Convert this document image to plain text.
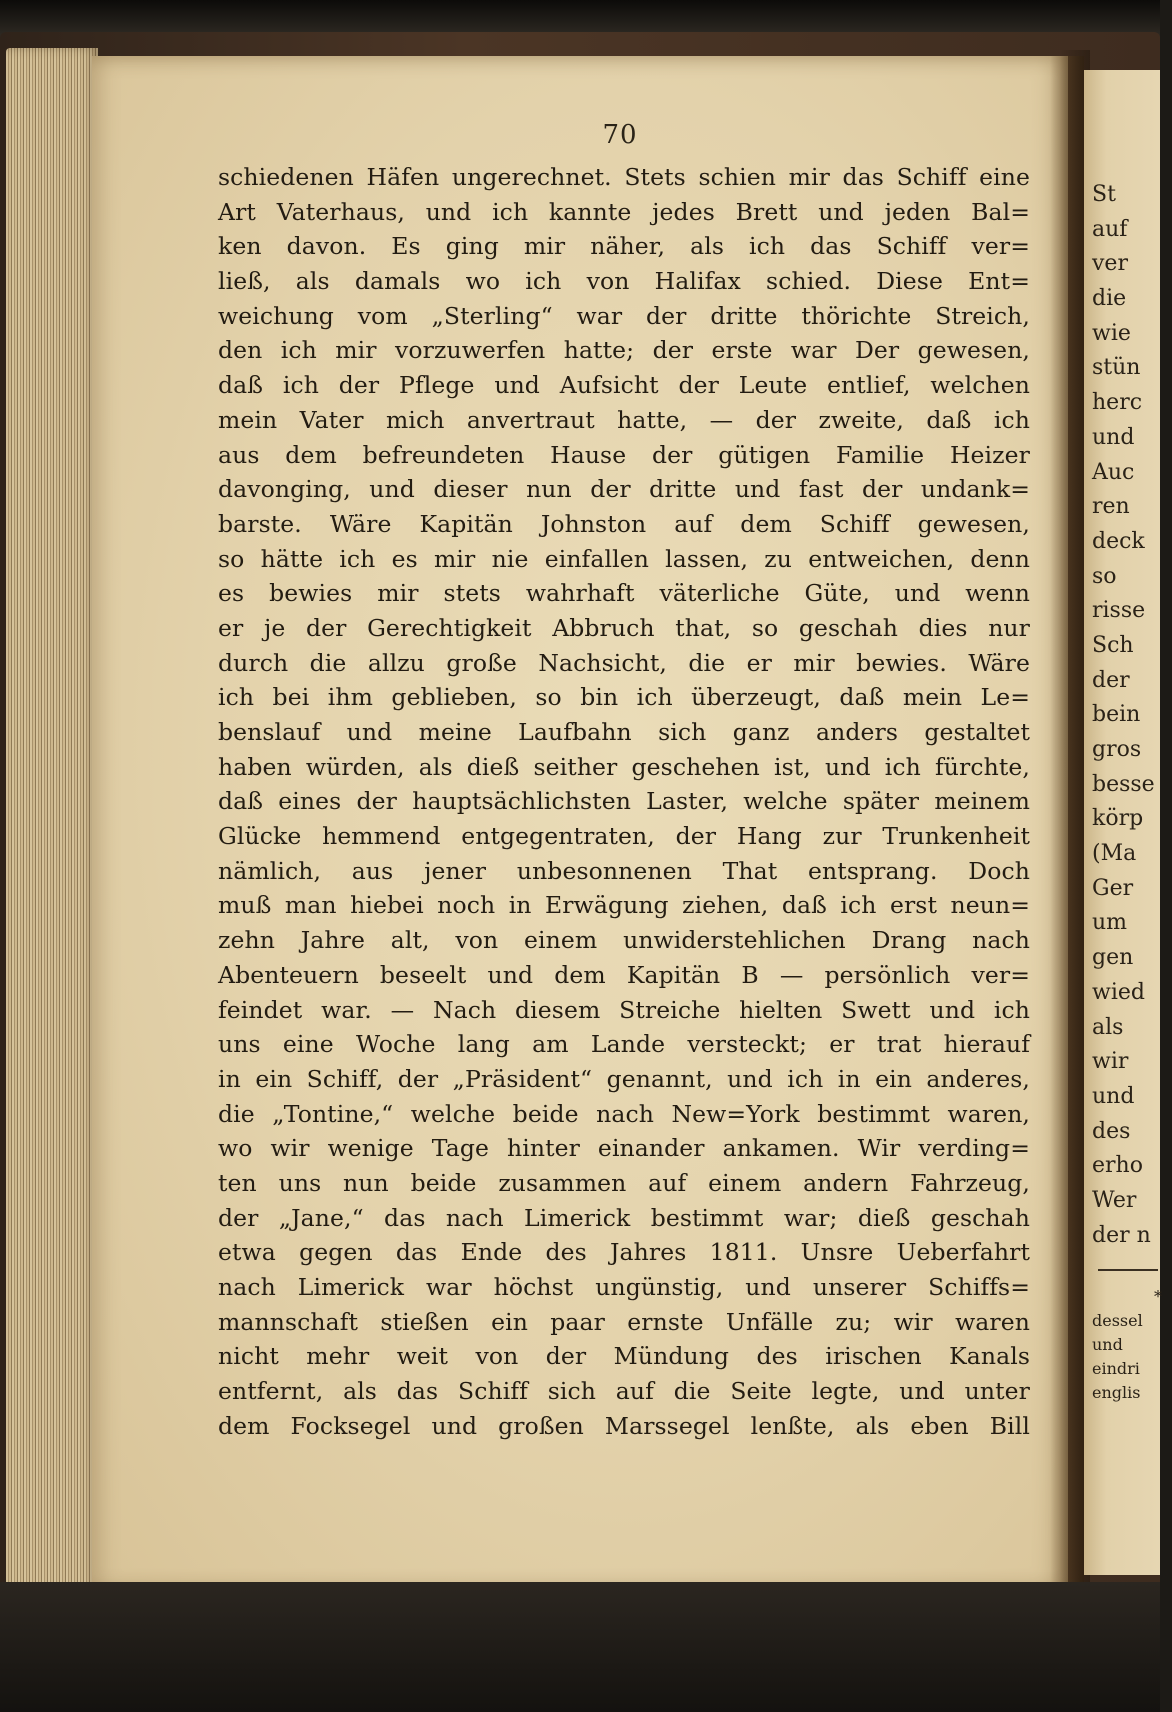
70
schiedenen Häfen ungerechnet. Stets schien mir das Schiff eine
Art Vaterhaus, und ich kannte jedes Brett und jeden Bal=
ken davon. Es ging mir näher, als ich das Schiff ver=
ließ, als damals wo ich von Halifax schied. Diese Ent=
weichung vom „Sterling“ war der dritte thörichte Streich,
den ich mir vorzuwerfen hatte; der erste war Der gewesen,
daß ich der Pflege und Aufsicht der Leute entlief, welchen
mein Vater mich anvertraut hatte, — der zweite, daß ich
aus dem befreundeten Hause der gütigen Familie Heizer
davonging, und dieser nun der dritte und fast der undank=
barste. Wäre Kapitän Johnston auf dem Schiff gewesen,
so hätte ich es mir nie einfallen lassen, zu entweichen, denn
es bewies mir stets wahrhaft väterliche Güte, und wenn
er je der Gerechtigkeit Abbruch that, so geschah dies nur
durch die allzu große Nachsicht, die er mir bewies. Wäre
ich bei ihm geblieben, so bin ich überzeugt, daß mein Le=
benslauf und meine Laufbahn sich ganz anders gestaltet
haben würden, als dieß seither geschehen ist, und ich fürchte,
daß eines der hauptsächlichsten Laster, welche später meinem
Glücke hemmend entgegentraten, der Hang zur Trunkenheit
nämlich, aus jener unbesonnenen That entsprang. Doch
muß man hiebei noch in Erwägung ziehen, daß ich erst neun=
zehn Jahre alt, von einem unwiderstehlichen Drang nach
Abenteuern beseelt und dem Kapitän B — persönlich ver=
feindet war. — Nach diesem Streiche hielten Swett und ich
uns eine Woche lang am Lande versteckt; er trat hierauf
in ein Schiff, der „Präsident“ genannt, und ich in ein anderes,
die „Tontine,“ welche beide nach New=York bestimmt waren,
wo wir wenige Tage hinter einander ankamen. Wir verding=
ten uns nun beide zusammen auf einem andern Fahrzeug,
der „Jane,“ das nach Limerick bestimmt war; dieß geschah
etwa gegen das Ende des Jahres 1811. Unsre Ueberfahrt
nach Limerick war höchst ungünstig, und unserer Schiffs=
mannschaft stießen ein paar ernste Unfälle zu; wir waren
nicht mehr weit von der Mündung des irischen Kanals
entfernt, als das Schiff sich auf die Seite legte, und unter
dem Focksegel und großen Marssegel lenßte, als eben Bill
St
auf
ver
die
wie
stün
herc
und
Auc
ren
deck
so
risse
Sch
der
bein
gros
besse
körp
(Ma
Ger
um
gen
wied
als
wir
und
des
erho
Wer
der n
*
dessel
und
eindri
englis
